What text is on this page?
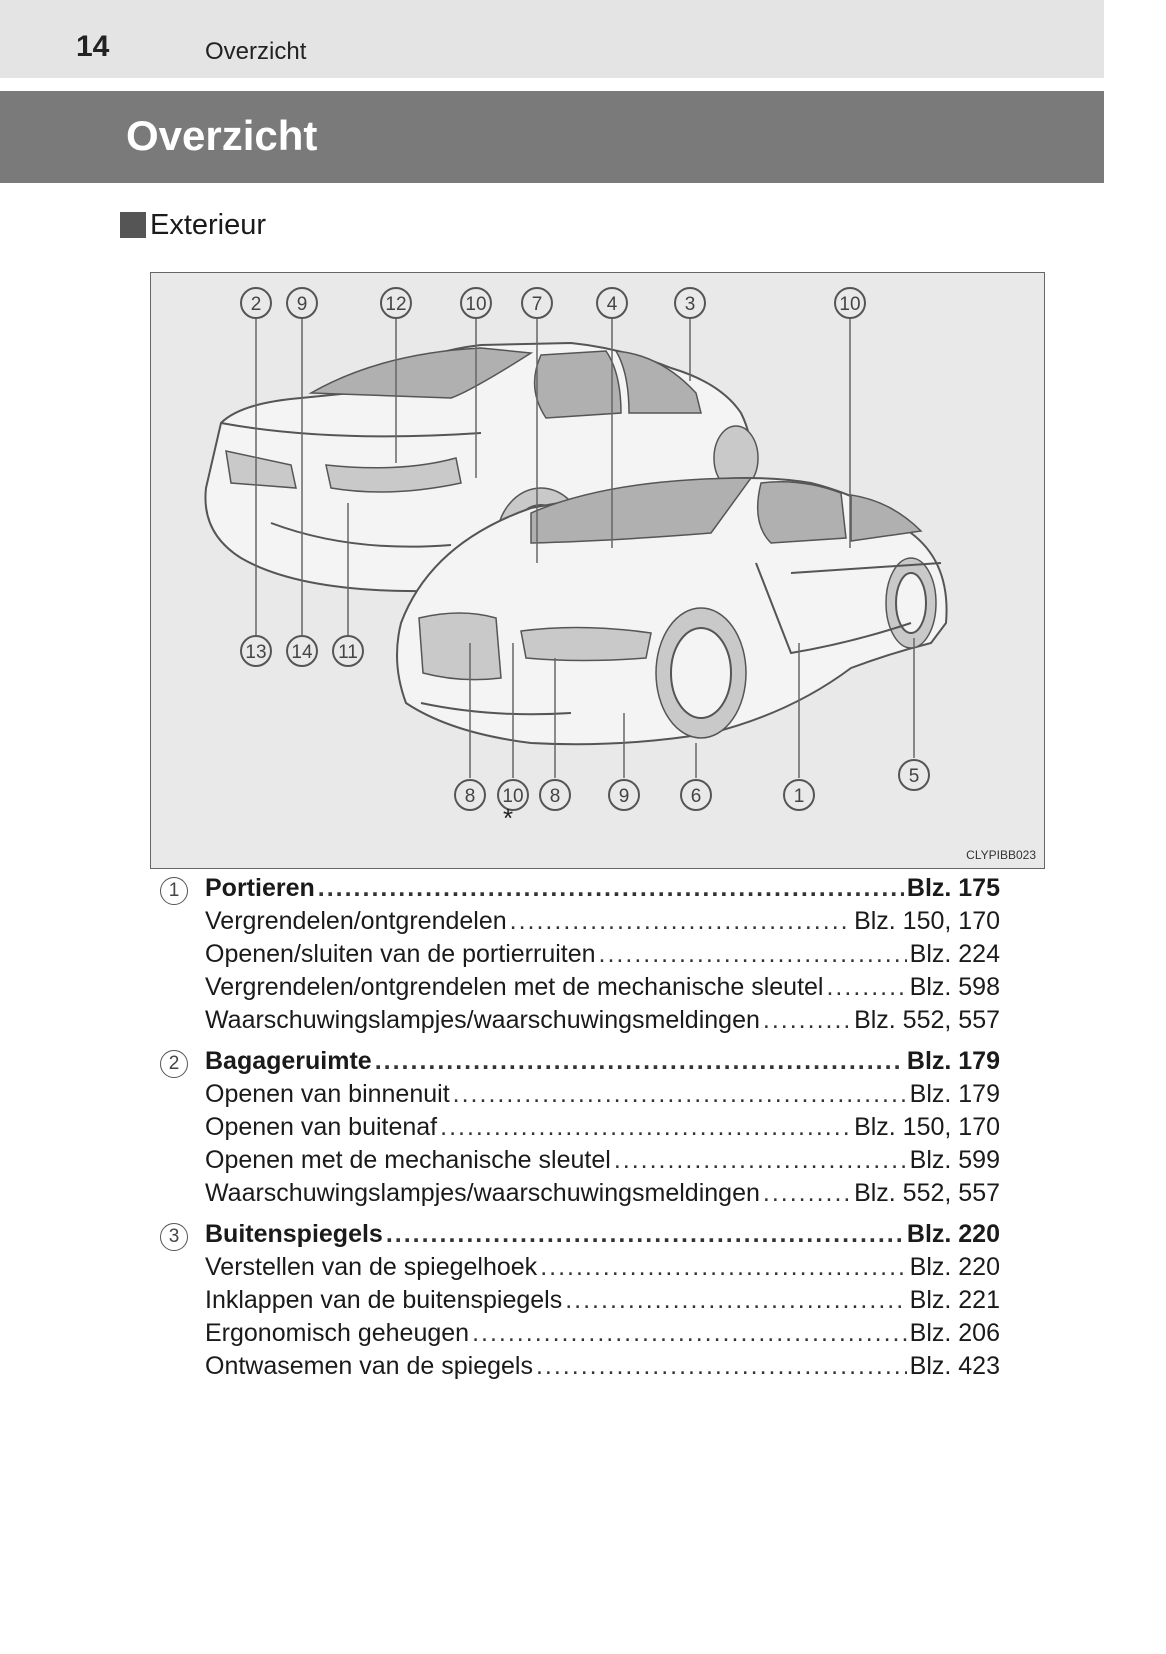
14	Overzicht
Overzicht
Exterieur
2 9	12	10 7	4	3	10
13 14 11
8 10 8	9	6	1
5
*
CLYPIBB023
1	Portieren .....	Blz. 175
Vergrendelen/ontgrendelen .....	Blz. 150, 170
Openen/sluiten van de portierruiten .....	Blz. 224
Vergrendelen/ontgrendelen met de mechanische sleutel .....	Blz. 598
Waarschuwingslampjes/waarschuwingsmeldingen .....	Blz. 552, 557
2	Bagageruimte .....	Blz. 179
Openen van binnenuit .....	Blz. 179
Openen van buitenaf .....	Blz. 150, 170
Openen met de mechanische sleutel .....	Blz. 599
Waarschuwingslampjes/waarschuwingsmeldingen .....	Blz. 552, 557
3	Buitenspiegels .....	Blz. 220
Verstellen van de spiegelhoek .....	Blz. 220
Inklappen van de buitenspiegels .....	Blz. 221
Ergonomisch geheugen .....	Blz. 206
Ontwasemen van de spiegels .....	Blz. 423
